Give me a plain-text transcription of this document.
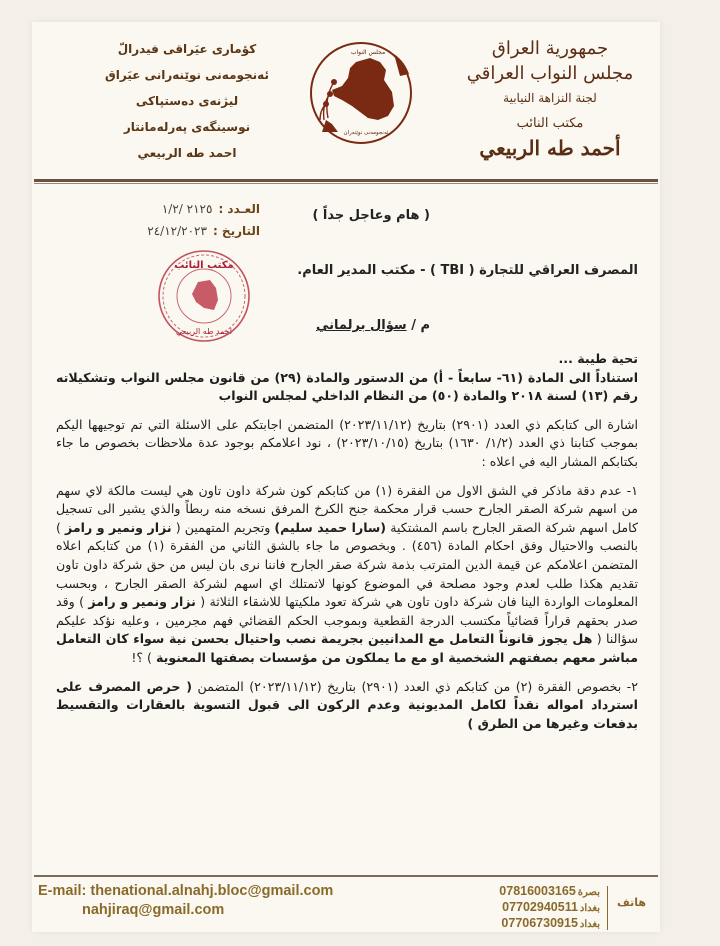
جمهورية العراق
مجلس النواب العراقي
لجنة النزاهة النيابية
مكتب النائب
أحمد طه الربيعي
مجلس النواب
ئەنجومەنى نوێنەران
كؤمارى عيَراقى فيدرالّ
ئەنجومەنى نوێنەرانى عيَراق
ليژنەى دەستپاكى
نوسينگەى پەرلەمانتار
احمد طه الربيعي
العـدد :٢١٢٥ /١/٢
التاريخ :٢٤/١٢/٢٠٢٣
( هام وعاجل جداً )
المصرف العراقي للتجارة ( TBI ) - مكتب المدير العام.
مكتب النائب
احمد طه الربيعي	م / سؤال برلماني

تحية طيبة ...

استناداً الى المادة (٦١- سابعاً - أ) من الدستور والمادة (٢٩) من قانون مجلس النواب وتشكيلاته رقم (١٣) لسنة ٢٠١٨ والمادة (٥٠) من النظام الداخلي لمجلس النواب

اشارة الى كتابكم ذي العدد (٢٩٠١) بتاريخ (٢٠٢٣/١١/١٢) المتضمن اجابتكم على الاسئلة التي تم توجيهها اليكم بموجب كتابنا ذي العدد (١/٢/ ١٦٣٠) بتاريخ (٢٠٢٣/١٠/١٥) ، نود اعلامكم بوجود عدة ملاحظات بخصوص ما جاء بكتابكم المشار اليه في اعلاه :

١- عدم دقة ماذكر في الشق الاول من الفقرة (١) من كتابكم كون شركة داون تاون هي ليست مالكة لاي سهم من اسهم شركة الصقر الجارح حسب قرار محكمة جنح الكرخ المرفق نسخه منه ربطاً والذي يشير الى تسجيل كامل اسهم شركة الصقر الجارح باسم المشتكية (سارا حميد سليم) وتجريم المتهمين ( نزار ونمير و رامز ) بالنصب والاحتيال وفق احكام المادة (٤٥٦) . وبخصوص ما جاء بالشق الثاني من الفقرة (١) من كتابكم اعلاه المتضمن اعلامكم عن قيمة الدين المترتب بذمة شركة صقر الجارح فاننا نرى بان ليس من حق شركة داون تاون تقديم هكذا طلب لعدم وجود مصلحة في الموضوع كونها لاتمتلك اي اسهم لشركة الصقر الجارح ، وبحسب المعلومات الواردة الينا فان شركة داون تاون هي شركة تعود ملكيتها للاشقاء الثلاثة ( نزار ونمير و رامز ) وقد صدر بحقهم قراراً قضائياً مكتسب الدرجة القطعية وبموجب الحكم القضائي فهم مجرمين ، وعليه نؤكد عليكم سؤالنا ( هل يجوز قانوناً التعامل مع المدانيين بجريمة نصب واحتيال بحسن نية سواء كان التعامل مباشر معهم بصفتهم الشخصية او مع ما يملكون من مؤسسات بصفتها المعنوية ) ؟!

٢- بخصوص الفقرة (٢) من كتابكم ذي العدد (٢٩٠١) بتاريخ (٢٠٢٣/١١/١٢) المتضمن ( حرص المصرف على استرداد امواله نقداً لكامل المديونية وعدم الركون الى قبول التسوية بالعقارات والتقسيط بدفعات وغيرها من الطرق )

E-mail: thenational.alnahj.bloc@gmail.com
nahjiraq@gmail.com
07816003165 بصرة
07702940511 بغداد
07706730915 بغداد
هاتف
